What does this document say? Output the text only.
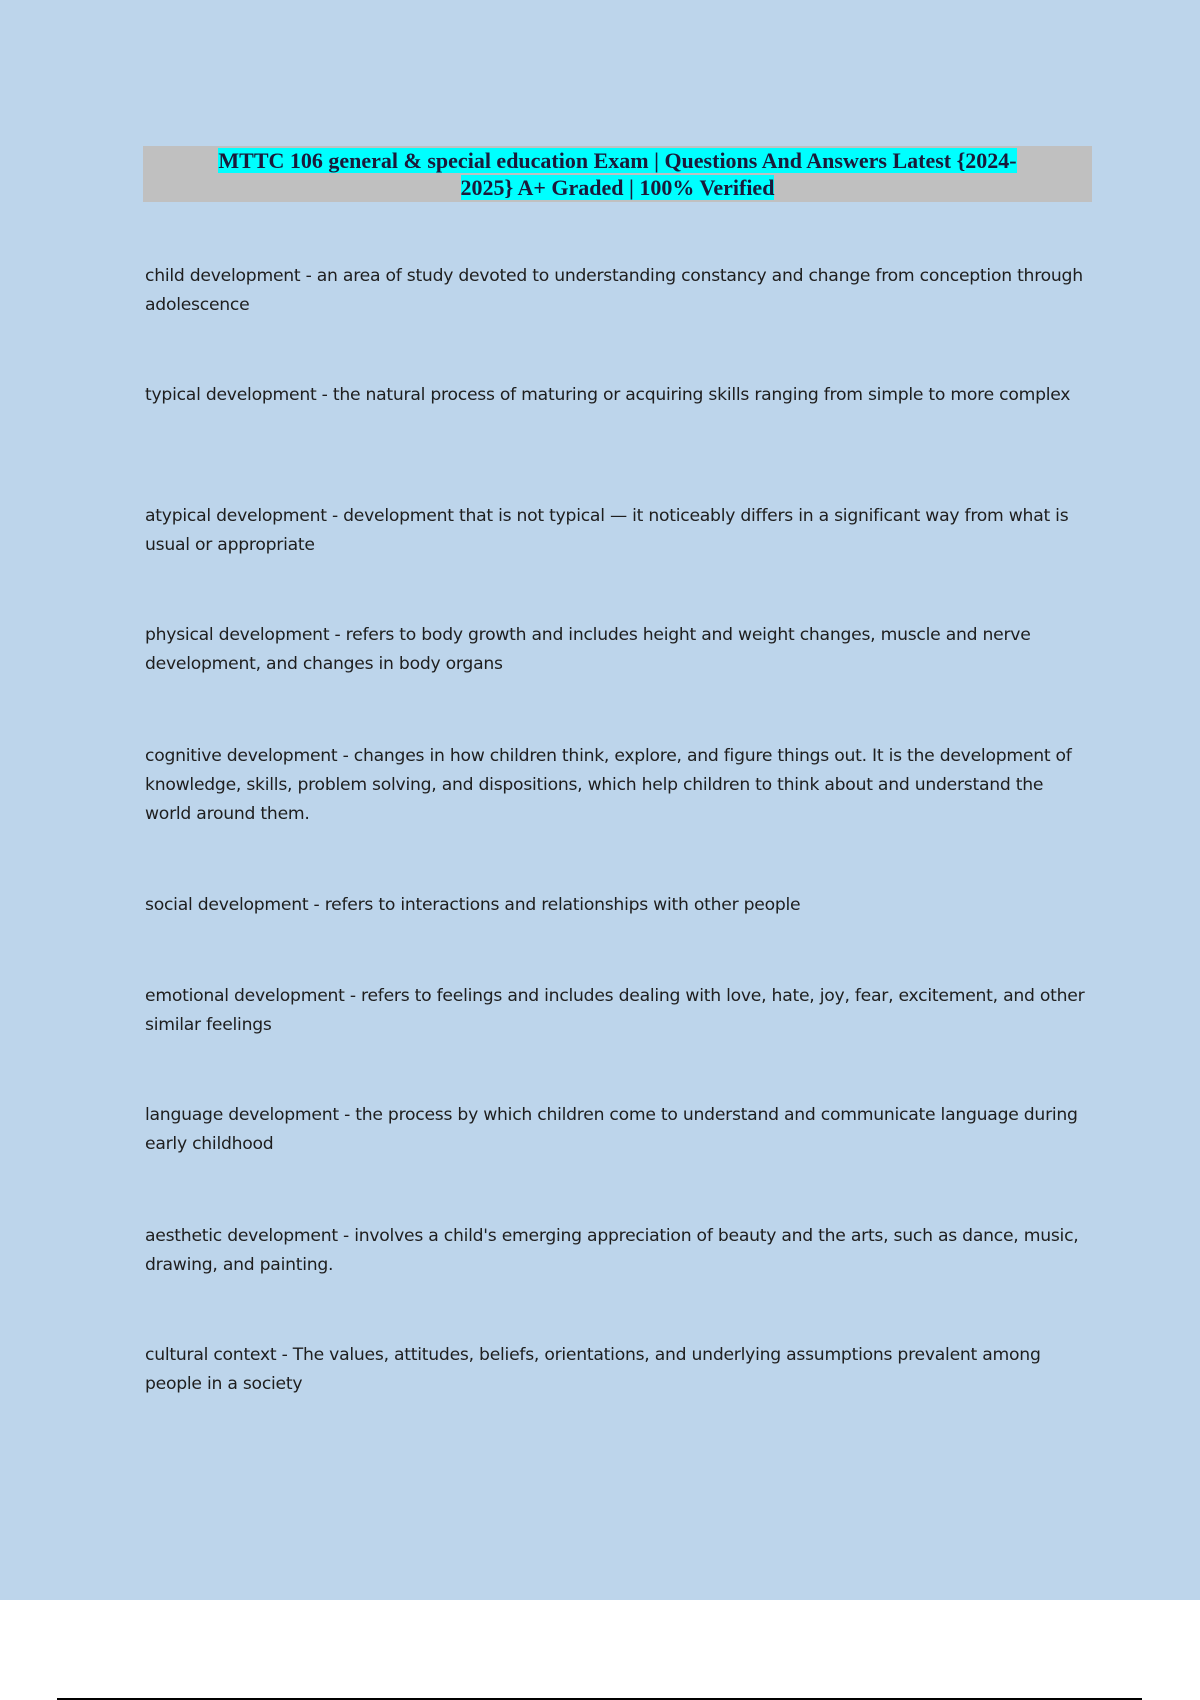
MTTC 106 general & special education Exam | Questions And Answers Latest {2024-
2025} A+ Graded | 100% Verified
child development - an area of study devoted to understanding constancy and change from conception through adolescence
typical development - the natural process of maturing or acquiring skills ranging from simple to more complex
atypical development - development that is not typical — it noticeably differs in a significant way from what is usual or appropriate
physical development - refers to body growth and includes height and weight changes, muscle and nerve development, and changes in body organs
cognitive development - changes in how children think, explore, and figure things out. It is the development of knowledge, skills, problem solving, and dispositions, which help children to think about and understand the world around them.
social development - refers to interactions and relationships with other people
emotional development - refers to feelings and includes dealing with love, hate, joy, fear, excitement, and other similar feelings
language development - the process by which children come to understand and communicate language during early childhood
aesthetic development - involves a child's emerging appreciation of beauty and the arts, such as dance, music, drawing, and painting.
cultural context - The values, attitudes, beliefs, orientations, and underlying assumptions prevalent among people in a society
